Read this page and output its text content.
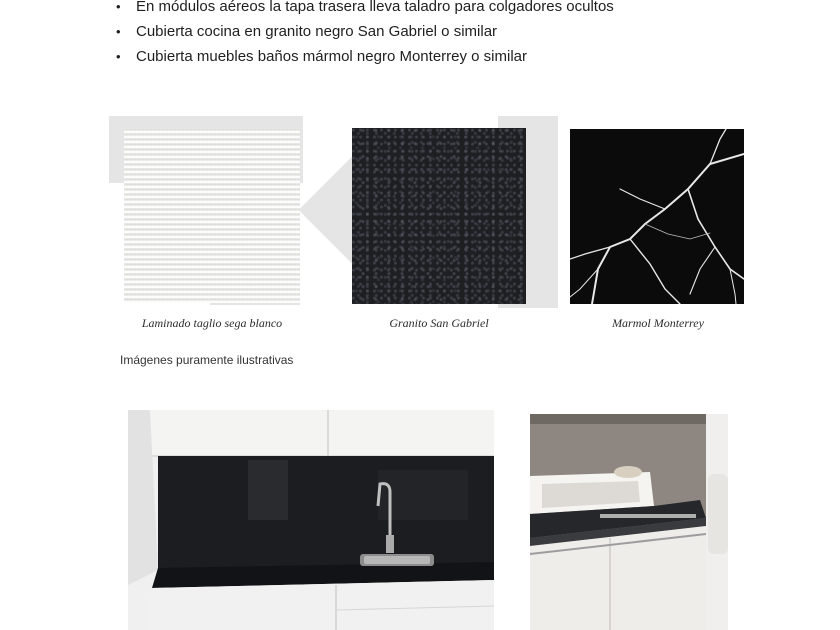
• En módulos aéreos la tapa trasera lleva taladro para colgadores ocultos
• Cubierta cocina en granito negro San Gabriel o similar
• Cubierta muebles baños mármol negro Monterrey o similar
Laminado taglio sega blanco	Granito San Gabriel	Marmol Monterrey
Imágenes puramente ilustrativas
